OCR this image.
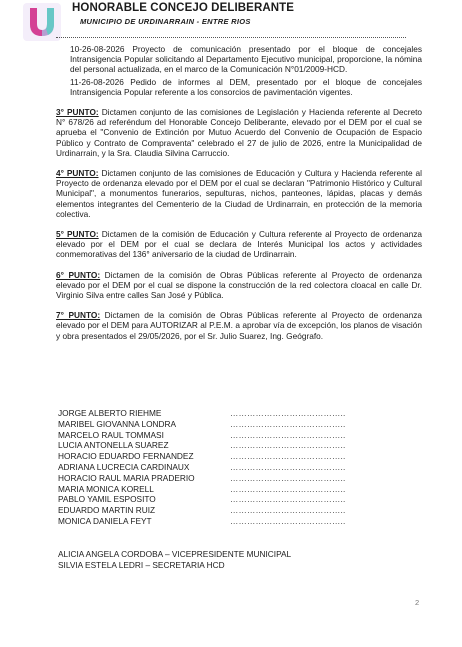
HONORABLE CONCEJO DELIBERANTE
MUNICIPIO DE URDINARRAIN - ENTRE RIOS

10-26-08-2026 Proyecto de comunicación presentado por el bloque de concejales Intransigencia Popular solicitando al Departamento Ejecutivo municipal, proporcione, la nómina del personal actualizada, en el marco de la Comunicación N°01/2009-HCD.

11-26-08-2026 Pedido de informes al DEM, presentado por el bloque de concejales Intransigencia Popular referente a los consorcios de pavimentación vigentes.

3° PUNTO: Dictamen conjunto de las comisiones de Legislación y Hacienda referente al Decreto N° 678/26 ad referéndum del Honorable Concejo Deliberante, elevado por el DEM por el cual se aprueba el "Convenio de Extinción por Mutuo Acuerdo del Convenio de Ocupación de Espacio Público y Contrato de Compraventa" celebrado el 27 de julio de 2026, entre la Municipalidad de Urdinarrain, y la Sra. Claudia Silvina Carruccio.

4° PUNTO: Dictamen conjunto de las comisiones de Educación y Cultura y Hacienda referente al Proyecto de ordenanza elevado por el DEM por el cual se declaran "Patrimonio Histórico y Cultural Municipal", a monumentos funerarios, sepulturas, nichos, panteones, lápidas, placas y demás elementos integrantes del Cementerio de la Ciudad de Urdinarrain, en protección de la memoria colectiva.

5° PUNTO: Dictamen de la comisión de Educación y Cultura referente al Proyecto de ordenanza elevado por el DEM por el cual se declara de Interés Municipal los actos y actividades conmemorativas del 136° aniversario de la ciudad de Urdinarrain.

6° PUNTO: Dictamen de la comisión de Obras Públicas referente al Proyecto de ordenanza elevado por el DEM por el cual se dispone la construcción de la red colectora cloacal en calle Dr. Virginio Silva entre calles San José y Pública.

7° PUNTO: Dictamen de la comisión de Obras Públicas referente al Proyecto de ordenanza elevado por el DEM para AUTORIZAR al P.E.M. a aprobar vía de excepción, los planos de visación y obra presentados el 29/05/2026, por el Sr. Julio Suarez, Ing. Geógrafo.

JORGE ALBERTO RIEHME	…………………………………..
MARIBEL GIOVANNA LONDRA	…………………………………..
MARCELO RAUL TOMMASI	…………………………………..
LUCIA ANTONELLA SUAREZ	…………………………………..
HORACIO EDUARDO FERNANDEZ	…………………………………..
ADRIANA LUCRECIA CARDINAUX	…………………………………..
HORACIO RAUL MARIA PRADERIO	…………………………………..
MARIA MONICA KORELL	…………………………………..
PABLO YAMIL ESPOSITO	…………………………………..
EDUARDO MARTIN RUIZ	…………………………………..
MONICA DANIELA FEYT	…………………………………..
ALICIA ANGELA CORDOBA – VICEPRESIDENTE MUNICIPAL
SILVIA ESTELA LEDRI – SECRETARIA HCD
2
